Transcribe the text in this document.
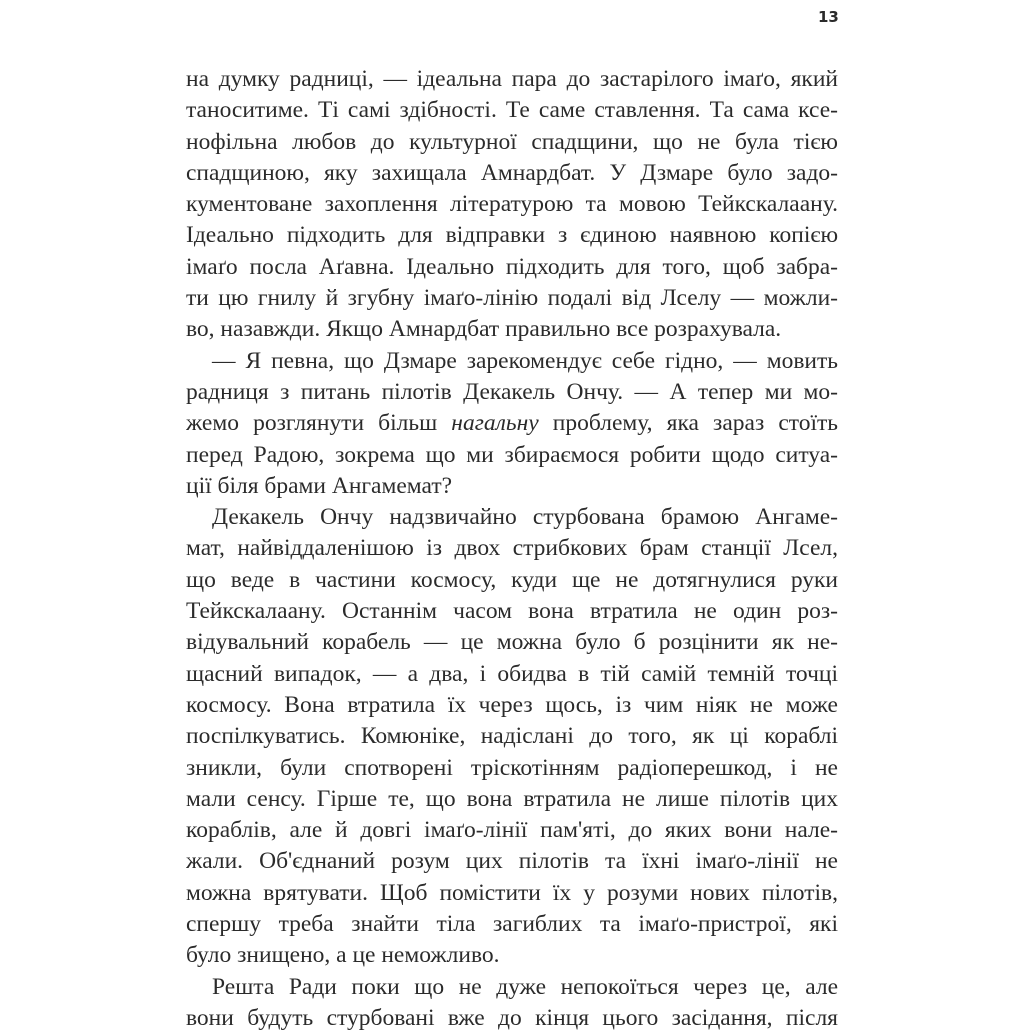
13
на думку радниці, — ідеальна пара до застарілого імаґо, який
таноситиме. Ті самі здібності. Те саме ставлення. Та сама ксе-
нофільна любов до культурної спадщини, що не була тією
спадщиною, яку захищала Амнардбат. У Дзмаре було задо-
кументоване захоплення літературою та мовою Тейкскалаану.
Ідеально підходить для відправки з єдиною наявною копією
імаґо посла Аґавна. Ідеально підходить для того, щоб забра-
ти цю гнилу й згубну імаґо-лінію подалі від Лселу — можли-
во, назавжди. Якщо Амнардбат правильно все розрахувала.
— Я певна, що Дзмаре зарекомендує себе гідно, — мовить
радниця з питань пілотів Декакель Ончу. — А тепер ми мо-
жемо розглянути більш нагальну проблему, яка зараз стоїть
перед Радою, зокрема що ми збираємося робити щодо ситуа-
ції біля брами Ангамемат?
Декакель Ончу надзвичайно стурбована брамою Ангаме-
мат, найвіддаленішою із двох стрибкових брам станції Лсел,
що веде в частини космосу, куди ще не дотягнулися руки
Тейкскалаану. Останнім часом вона втратила не один роз-
відувальний корабель — це можна було б розцінити як не-
щасний випадок, — а два, і обидва в тій самій темній точці
космосу. Вона втратила їх через щось, із чим ніяк не може
поспілкуватись. Комюніке, надіслані до того, як ці кораблі
зникли, були спотворені тріскотінням радіоперешкод, і не
мали сенсу. Гірше те, що вона втратила не лише пілотів цих
кораблів, але й довгі імаґо-лінії пам'яті, до яких вони нале-
жали. Об'єднаний розум цих пілотів та їхні імаґо-лінії не
можна врятувати. Щоб помістити їх у розуми нових пілотів,
спершу треба знайти тіла загиблих та імаґо-пристрої, які
було знищено, а це неможливо.
Решта Ради поки що не дуже непокоїться через це, але
вони будуть стурбовані вже до кінця цього засідання, після
